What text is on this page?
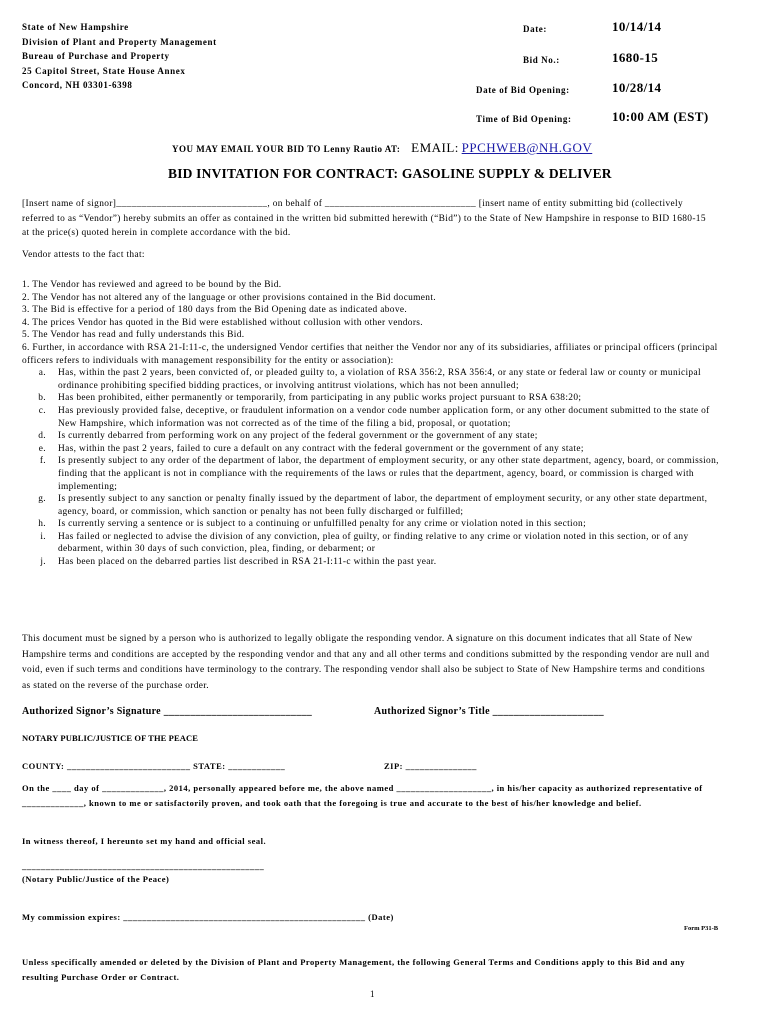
State of New Hampshire
Division of Plant and Property Management
Bureau of Purchase and Property
25 Capitol Street, State House Annex
Concord, NH 03301-6398
Date:	10/14/14
Bid No.:	1680-15
Date of Bid Opening:	10/28/14
Time of Bid Opening:	10:00 AM (EST)
YOU MAY EMAIL YOUR BID TO Lenny Rautio AT: EMAIL: PPCHWEB@NH.GOV
BID INVITATION FOR CONTRACT: GASOLINE SUPPLY & DELIVER
[Insert name of signor]______________________________, on behalf of ______________________________ [insert name of entity submitting bid (collectively referred to as “Vendor”) hereby submits an offer as contained in the written bid submitted herewith (“Bid”) to the State of New Hampshire in response to BID 1680-15 at the price(s) quoted herein in complete accordance with the bid.
Vendor attests to the fact that:
1. The Vendor has reviewed and agreed to be bound by the Bid.
2. The Vendor has not altered any of the language or other provisions contained in the Bid document.
3. The Bid is effective for a period of 180 days from the Bid Opening date as indicated above.
4. The prices Vendor has quoted in the Bid were established without collusion with other vendors.
5. The Vendor has read and fully understands this Bid.
6. Further, in accordance with RSA 21-I:11-c, the undersigned Vendor certifies that neither the Vendor nor any of its subsidiaries, affiliates or principal officers (principal officers refers to individuals with management responsibility for the entity or association):
a.	Has, within the past 2 years, been convicted of, or pleaded guilty to, a violation of RSA 356:2, RSA 356:4, or any state or federal law or county or municipal ordinance prohibiting specified bidding practices, or involving antitrust violations, which has not been annulled;
b.	Has been prohibited, either permanently or temporarily, from participating in any public works project pursuant to RSA 638:20;
c.	Has previously provided false, deceptive, or fraudulent information on a vendor code number application form, or any other document submitted to the state of New Hampshire, which information was not corrected as of the time of the filing a bid, proposal, or quotation;
d.	Is currently debarred from performing work on any project of the federal government or the government of any state;
e.	Has, within the past 2 years, failed to cure a default on any contract with the federal government or the government of any state;
f.	Is presently subject to any order of the department of labor, the department of employment security, or any other state department, agency, board, or commission, finding that the applicant is not in compliance with the requirements of the laws or rules that the department, agency, board, or commission is charged with implementing;
g.	Is presently subject to any sanction or penalty finally issued by the department of labor, the department of employment security, or any other state department, agency, board, or commission, which sanction or penalty has not been fully discharged or fulfilled;
h.	Is currently serving a sentence or is subject to a continuing or unfulfilled penalty for any crime or violation noted in this section;
i.	Has failed or neglected to advise the division of any conviction, plea of guilty, or finding relative to any crime or violation noted in this section, or of any debarment, within 30 days of such conviction, plea, finding, or debarment; or
j.	Has been placed on the debarred parties list described in RSA 21-I:11-c within the past year.
This document must be signed by a person who is authorized to legally obligate the responding vendor. A signature on this document indicates that all State of New Hampshire terms and conditions are accepted by the responding vendor and that any and all other terms and conditions submitted by the responding vendor are null and void, even if such terms and conditions have terminology to the contrary. The responding vendor shall also be subject to State of New Hampshire terms and conditions as stated on the reverse of the purchase order.
Authorized Signor’s Signature ____________________________	Authorized Signor’s Title _____________________
NOTARY PUBLIC/JUSTICE OF THE PEACE
COUNTY: __________________________ STATE: ____________	ZIP: _______________
On the ____ day of _____________, 2014, personally appeared before me, the above named ____________________, in his/her capacity as authorized representative of _____________, known to me or satisfactorily proven, and took oath that the foregoing is true and accurate to the best of his/her knowledge and belief.
In witness thereof, I hereunto set my hand and official seal.
___________________________________________________
(Notary Public/Justice of the Peace)
My commission expires: ___________________________________________________ (Date)
Form P31-B
Unless specifically amended or deleted by the Division of Plant and Property Management, the following General Terms and Conditions apply to this Bid and any resulting Purchase Order or Contract.
1
